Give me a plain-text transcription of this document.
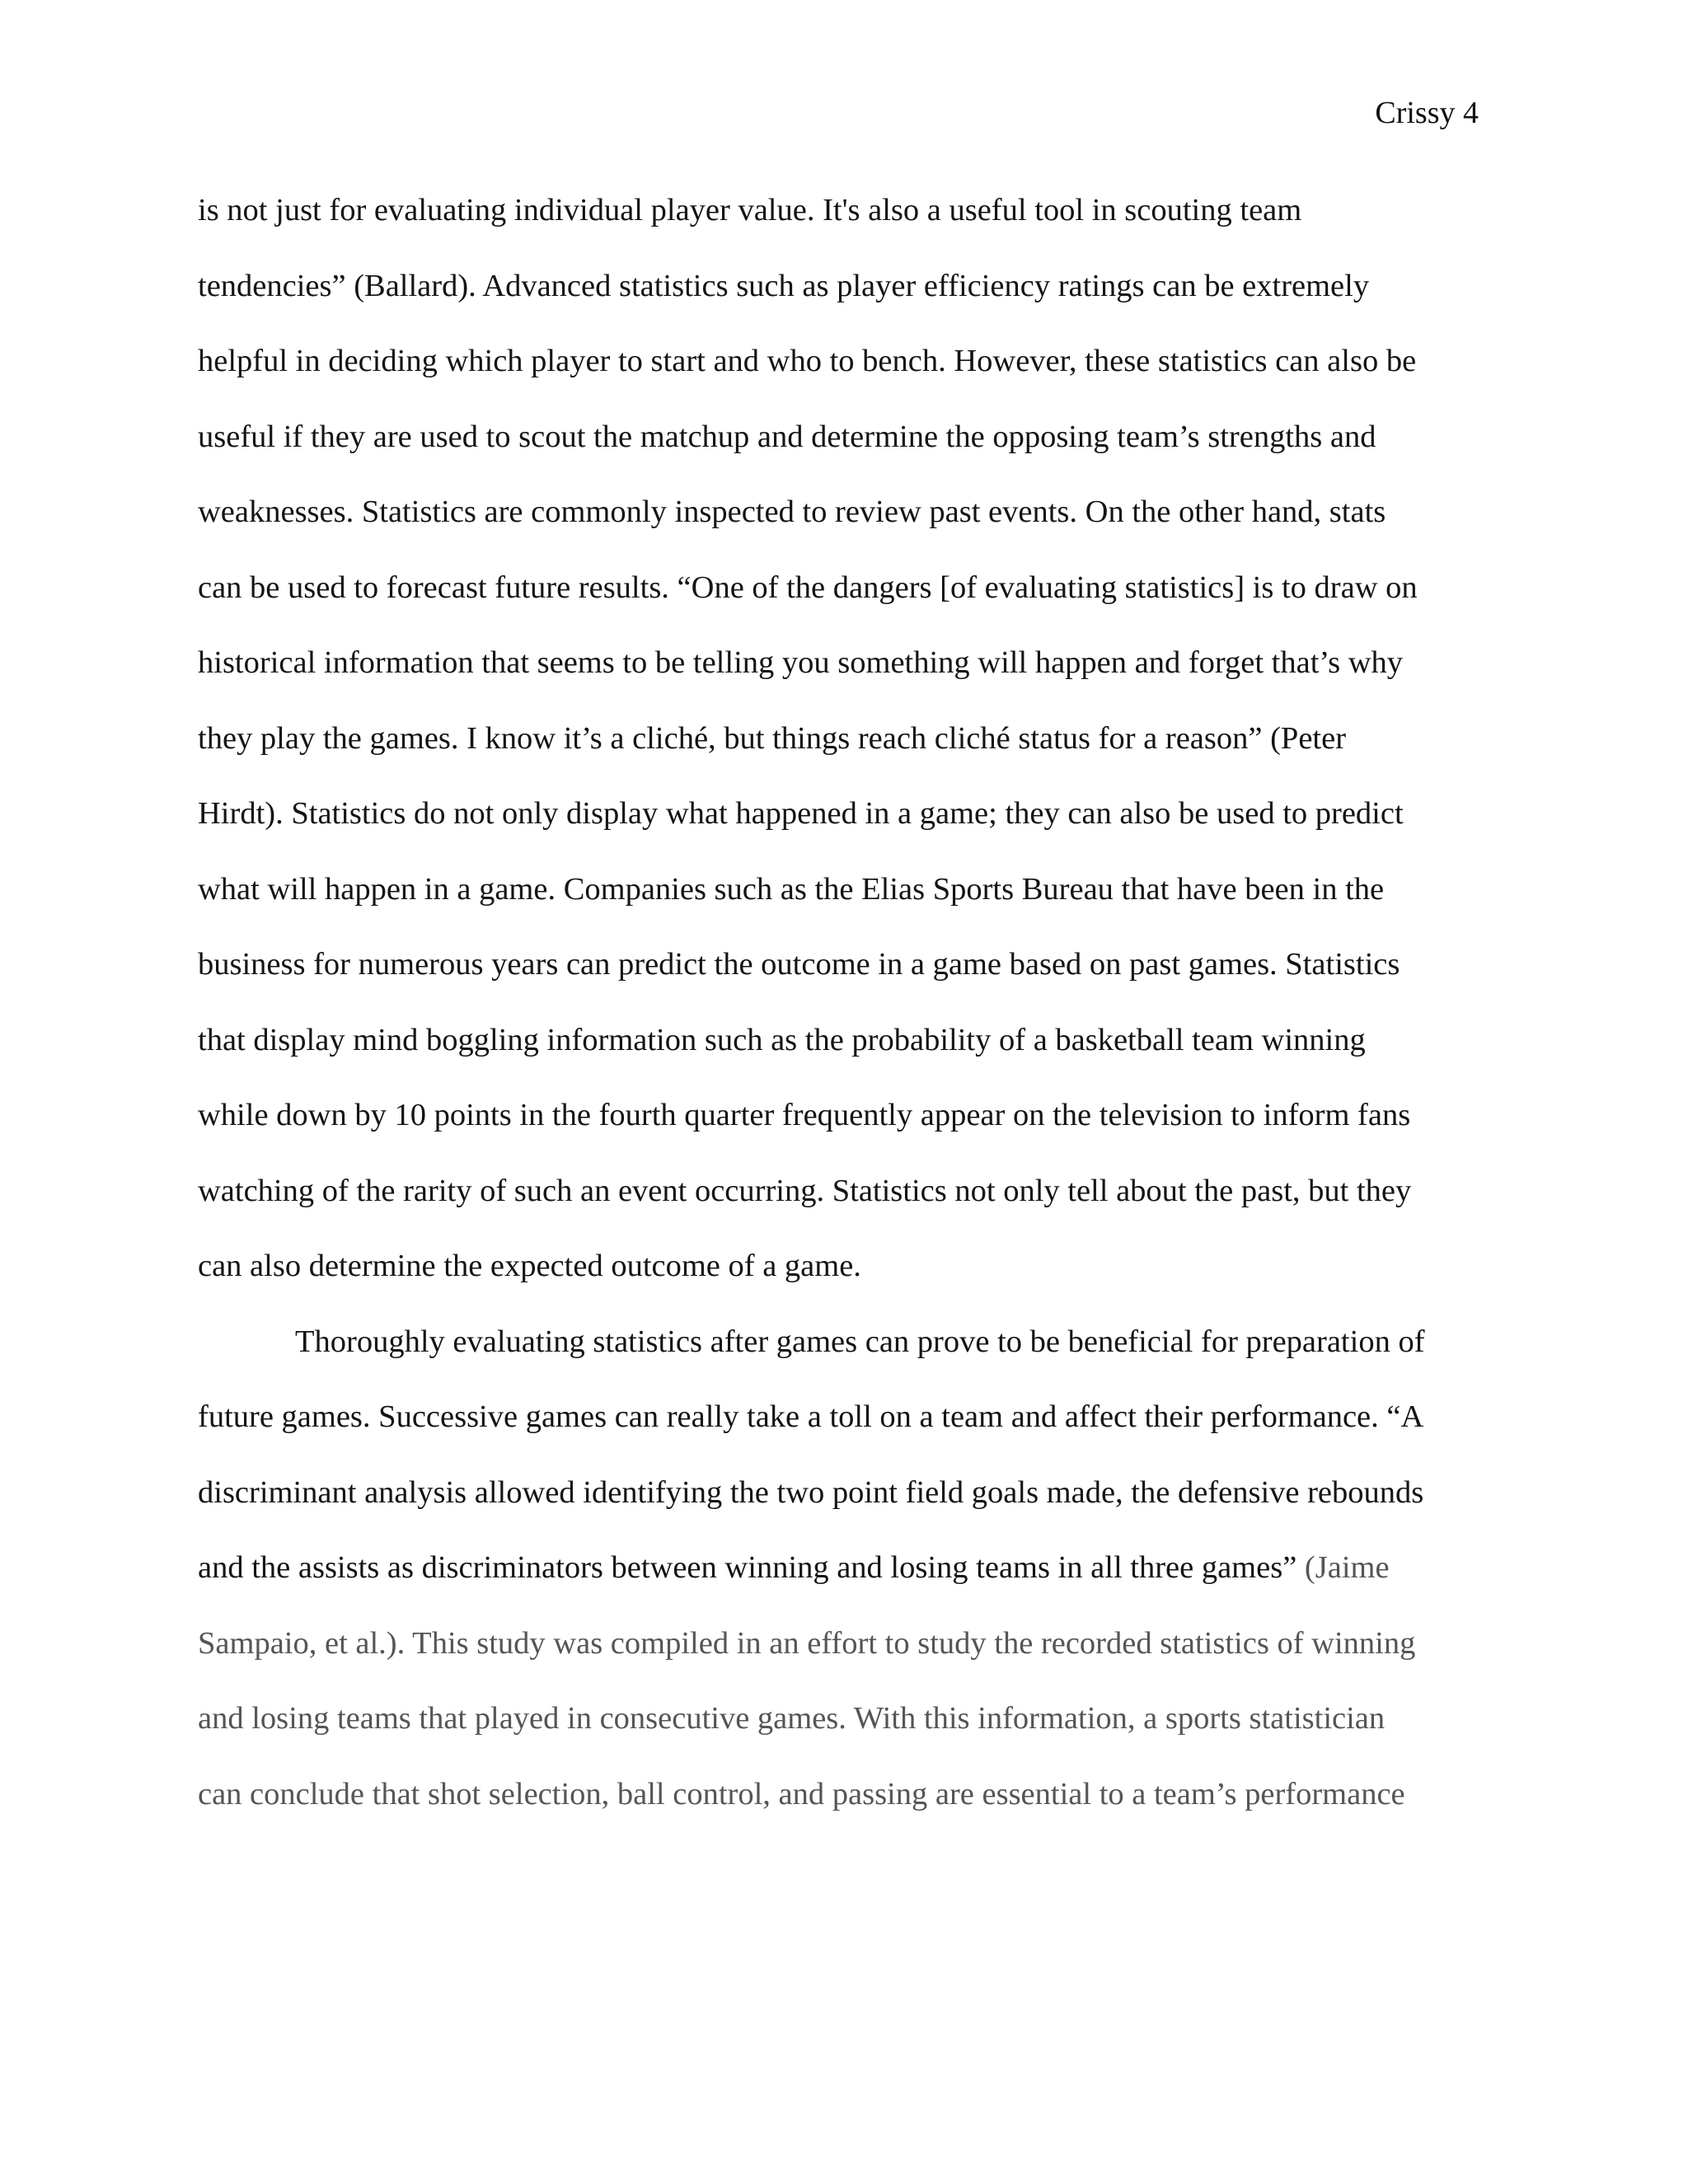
Crissy 4
is not just for evaluating individual player value. It's also a useful tool in scouting team
tendencies” (Ballard). Advanced statistics such as player efficiency ratings can be extremely
helpful in deciding which player to start and who to bench. However, these statistics can also be
useful if they are used to scout the matchup and determine the opposing team’s strengths and
weaknesses. Statistics are commonly inspected to review past events. On the other hand, stats
can be used to forecast future results. “One of the dangers [of evaluating statistics] is to draw on
historical information that seems to be telling you something will happen and forget that’s why
they play the games. I know it’s a cliché, but things reach cliché status for a reason” (Peter
Hirdt). Statistics do not only display what happened in a game; they can also be used to predict
what will happen in a game. Companies such as the Elias Sports Bureau that have been in the
business for numerous years can predict the outcome in a game based on past games. Statistics
that display mind boggling information such as the probability of a basketball team winning
while down by 10 points in the fourth quarter frequently appear on the television to inform fans
watching of the rarity of such an event occurring. Statistics not only tell about the past, but they
can also determine the expected outcome of a game.
Thoroughly evaluating statistics after games can prove to be beneficial for preparation of
future games. Successive games can really take a toll on a team and affect their performance. “A
discriminant analysis allowed identifying the two point field goals made, the defensive rebounds
and the assists as discriminators between winning and losing teams in all three games” (Jaime
Sampaio, et al.). This study was compiled in an effort to study the recorded statistics of winning
and losing teams that played in consecutive games. With this information, a sports statistician
can conclude that shot selection, ball control, and passing are essential to a team’s performance
